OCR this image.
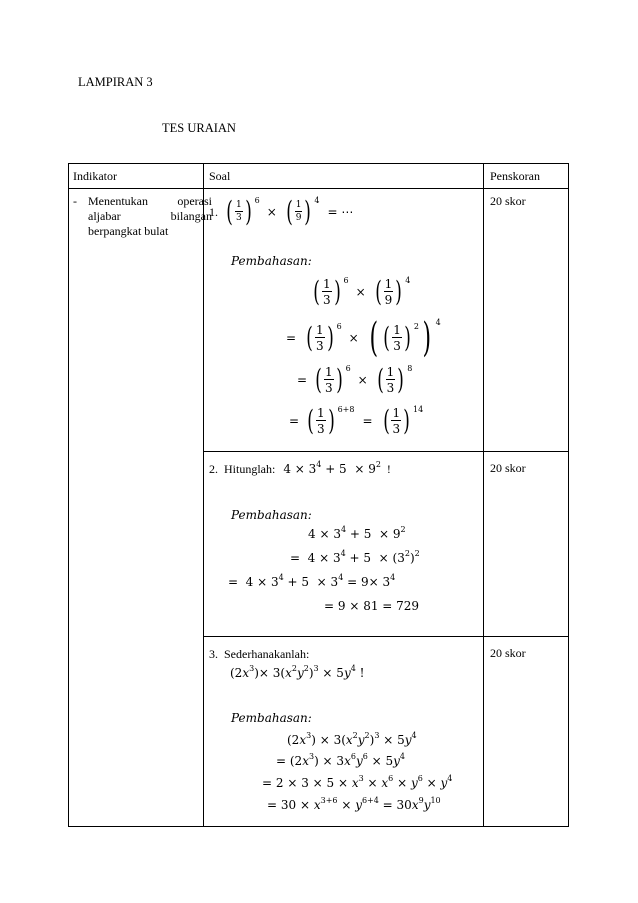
LAMPIRAN 3
TES URAIAN
Indikator	Soal	Penskoran
- Menentukan operasi aljabar bilangan berpangkat bulat
20 skor
1. ( $\frac{1}{3}$ ) 6
× ( $\frac{1}{9}$ ) 4
= ⋯
Pembahasan:
( $\frac{1}{3}$ ) 6
× ( $\frac{1}{9}$ ) 4
= ( $\frac{1}{3}$ ) 6
× ( ( $\frac{1}{3}$ ) 2 ) 4
= ( $\frac{1}{3}$ ) 6
× ( $\frac{1}{3}$ ) 8
= ( $\frac{1}{3}$ ) 6+8
= ( $\frac{1}{3}$ ) 14
20 skor
2. Hitunglah: $4 \times 3^4 + 5 \times 9^2$ !
Pembahasan:
$4 \times 3^4 + 5 \times 9^2$
=  $4 \times 3^4 + 5 \times (3^2)^2$
=  $4 \times 3^4 + 5 \times 3^4 = 9\times 3^4$
= 9 × 81 = 729
20 skor
3. Sederhanakanlah:
$(2x^3)\times 3(x^2y^2)^3 \times 5y^4$ !
Pembahasan:
$(2x^3) \times 3(x^2y^2)^3 \times 5y^4$
= $(2x^3) \times 3x^6y^6 \times 5y^4$
= $2 \times 3 \times 5 \times x^3 \times x^6 \times y^6 \times y^4$
= $30 \times x^{3+6} \times y^{6+4} = 30x^9y^{10}$
